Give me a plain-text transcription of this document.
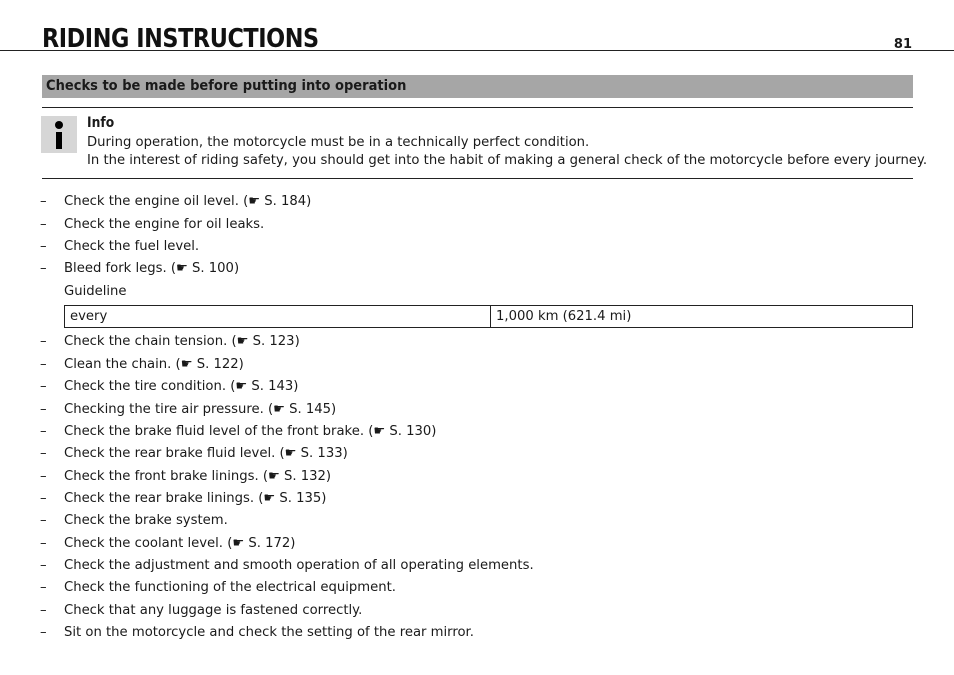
RIDING INSTRUCTIONS	81
Checks to be made before putting into operation
Info
During operation, the motorcycle must be in a technically perfect condition.
In the interest of riding safety, you should get into the habit of making a general check of the motorcycle before every journey.
– Check the engine oil level. (☛ S. 184)
– Check the engine for oil leaks.
– Check the fuel level.
– Bleed fork legs. (☛ S. 100)
Guideline
every	1,000 km (621.4 mi)
– Check the chain tension. (☛ S. 123)
– Clean the chain. (☛ S. 122)
– Check the tire condition. (☛ S. 143)
– Checking the tire air pressure. (☛ S. 145)
– Check the brake fluid level of the front brake. (☛ S. 130)
– Check the rear brake fluid level. (☛ S. 133)
– Check the front brake linings. (☛ S. 132)
– Check the rear brake linings. (☛ S. 135)
– Check the brake system.
– Check the coolant level. (☛ S. 172)
– Check the adjustment and smooth operation of all operating elements.
– Check the functioning of the electrical equipment.
– Check that any luggage is fastened correctly.
– Sit on the motorcycle and check the setting of the rear mirror.
